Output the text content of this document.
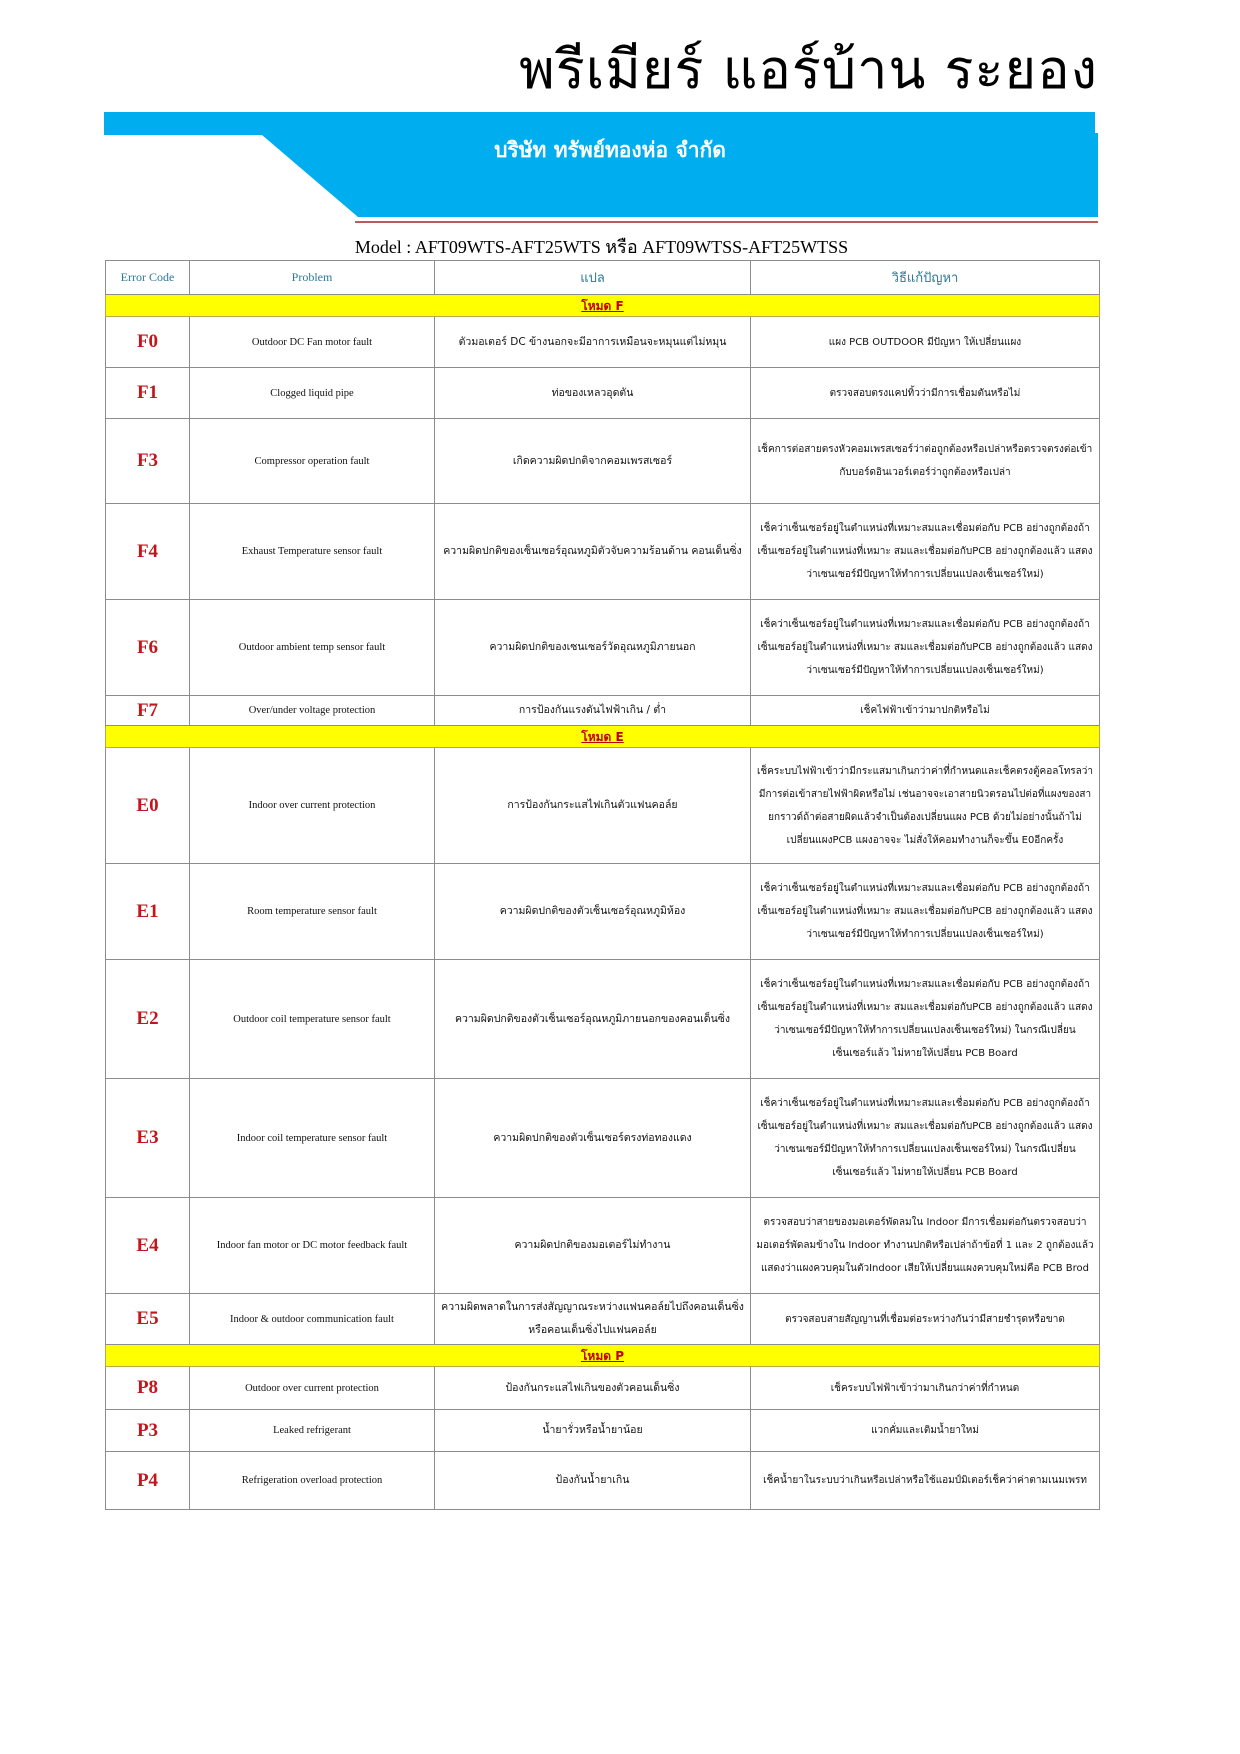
พรีเมียร์ แอร์บ้าน ระยอง
บริษัท ทรัพย์ทองห่อ จำกัด
Model : AFT09WTS-AFT25WTS หรือ AFT09WTSS-AFT25WTSS
Error Code	Problem	แปล	วิธีแก้ปัญหา
โหมด F			
F0	Outdoor DC Fan motor fault	ตัวมอเตอร์ DC ข้างนอกจะมีอาการเหมือนจะหมุนแต่ไม่หมุน	แผง PCB OUTDOOR มีปัญหา ให้เปลี่ยนแผง
F1	Clogged liquid pipe	ท่อของเหลวอุดตัน	ตรวจสอบตรงแคปทิ้วว่ามีการเชื่อมตันหรือไม่
F3	Compressor operation fault	เกิดความผิดปกติจากคอมเพรสเซอร์	เช็คการต่อสายตรงหัวคอมเพรสเซอร์ว่าต่อถูกต้องหรือเปล่าหรือตรวจตรงต่อเข้ากับบอร์ดอินเวอร์เตอร์ว่าถูกต้องหรือเปล่า
F4	Exhaust Temperature sensor fault	ความผิดปกติของเซ็นเซอร์อุณหภูมิตัวจับความร้อนด้าน คอนเด็นซิ่ง	เช็คว่าเซ็นเซอร์อยู่ในตำแหน่งที่เหมาะสมและเชื่อมต่อกับ PCB อย่างถูกต้องถ้าเซ็นเซอร์อยู่ในตำแหน่งที่เหมาะ สมและเชื่อมต่อกับPCB อย่างถูกต้องแล้ว แสดงว่าเซนเซอร์มีปัญหาให้ทำการเปลี่ยนแปลงเซ็นเซอร์ใหม่)
F6	Outdoor ambient temp sensor fault	ความผิดปกติของเซนเซอร์วัดอุณหภูมิภายนอก	เช็คว่าเซ็นเซอร์อยู่ในตำแหน่งที่เหมาะสมและเชื่อมต่อกับ PCB อย่างถูกต้องถ้าเซ็นเซอร์อยู่ในตำแหน่งที่เหมาะ สมและเชื่อมต่อกับPCB อย่างถูกต้องแล้ว แสดงว่าเซนเซอร์มีปัญหาให้ทำการเปลี่ยนแปลงเซ็นเซอร์ใหม่)
F7	Over/under voltage protection	การป้องกันแรงดันไฟฟ้าเกิน / ต่ำ	เช็คไฟฟ้าเข้าว่ามาปกติหรือไม่
โหมด E			
E0	Indoor over current protection	การป้องกันกระแสไฟเกินตัวแฟนคอล์ย	เช็คระบบไฟฟ้าเข้าว่ามีกระแสมาเกินกว่าค่าที่กำหนดและเช็คตรงตู้คอลโทรลว่ามีการต่อเข้าสายไฟฟ้าผิดหรือไม่ เช่นอาจจะเอาสายนิวตรอนไปต่อที่แผงของสายกราวด์ถ้าต่อสายผิดแล้วจำเป็นต้องเปลี่ยนแผง PCB ด้วยไม่อย่างนั้นถ้าไม่เปลี่ยนแผงPCB แผงอาจจะ ไม่สั่งให้คอมทำงานก็จะขึ้น E0อีกครั้ง
E1	Room temperature sensor fault	ความผิดปกติของตัวเซ็นเซอร์อุณหภูมิห้อง	เช็คว่าเซ็นเซอร์อยู่ในตำแหน่งที่เหมาะสมและเชื่อมต่อกับ PCB อย่างถูกต้องถ้าเซ็นเซอร์อยู่ในตำแหน่งที่เหมาะ สมและเชื่อมต่อกับPCB อย่างถูกต้องแล้ว แสดงว่าเซนเซอร์มีปัญหาให้ทำการเปลี่ยนแปลงเซ็นเซอร์ใหม่)
E2	Outdoor coil temperature sensor fault	ความผิดปกติของตัวเซ็นเซอร์อุณหภูมิภายนอกของคอนเด็นซิ่ง	เช็คว่าเซ็นเซอร์อยู่ในตำแหน่งที่เหมาะสมและเชื่อมต่อกับ PCB อย่างถูกต้องถ้าเซ็นเซอร์อยู่ในตำแหน่งที่เหมาะ สมและเชื่อมต่อกับPCB อย่างถูกต้องแล้ว แสดงว่าเซนเซอร์มีปัญหาให้ทำการเปลี่ยนแปลงเซ็นเซอร์ใหม่) ในกรณีเปลี่ยนเซ็นเซอร์แล้ว ไม่หายให้เปลี่ยน PCB Board
E3	Indoor coil temperature sensor fault	ความผิดปกติของตัวเซ็นเซอร์ตรงท่อทองแดง	เช็คว่าเซ็นเซอร์อยู่ในตำแหน่งที่เหมาะสมและเชื่อมต่อกับ PCB อย่างถูกต้องถ้าเซ็นเซอร์อยู่ในตำแหน่งที่เหมาะ สมและเชื่อมต่อกับPCB อย่างถูกต้องแล้ว แสดงว่าเซนเซอร์มีปัญหาให้ทำการเปลี่ยนแปลงเซ็นเซอร์ใหม่) ในกรณีเปลี่ยนเซ็นเซอร์แล้ว ไม่หายให้เปลี่ยน PCB Board
E4	Indoor fan motor or DC motor feedback fault	ความผิดปกติของมอเตอร์ไม่ทำงาน	ตรวจสอบว่าสายของมอเตอร์พัดลมใน Indoor มีการเชื่อมต่อกันตรวจสอบว่ามอเตอร์พัดลมข้างใน Indoor ทำงานปกติหรือเปล่าถ้าข้อที่ 1 และ 2 ถูกต้องแล้ว แสดงว่าแผงควบคุมในตัวIndoor เสียให้เปลี่ยนแผงควบคุมใหม่คือ PCB Brod
E5	Indoor & outdoor communication fault	ความผิดพลาดในการส่งสัญญาณระหว่างแฟนคอล์ยไปถึงคอนเด็นซิ่งหรือคอนเด็นซิ่งไปแฟนคอล์ย	ตรวจสอบสายสัญญานที่เชื่อมต่อระหว่างกันว่ามีสายชำรุดหรือขาด
โหมด P			
P8	Outdoor over current protection	ป้องกันกระแสไฟเกินของตัวคอนเด็นซิ่ง	เช็คระบบไฟฟ้าเข้าว่ามาเกินกว่าค่าที่กำหนด
P3	Leaked refrigerant	น้ำยารั่วหรือน้ำยาน้อย	แวกคั่มและเติมน้ำยาใหม่
P4	Refrigeration overload protection	ป้องกันน้ำยาเกิน	เช็คน้ำยาในระบบว่าเกินหรือเปล่าหรือใช้แอมป์มิเตอร์เช็คว่าค่าตามเนมเพรท
